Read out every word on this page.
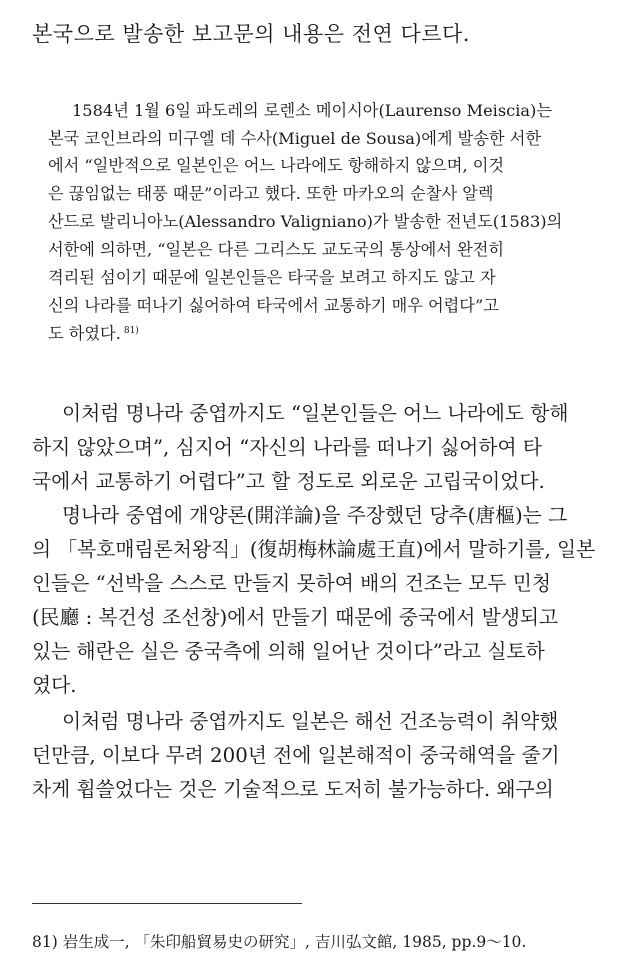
본국으로 발송한 보고문의 내용은 전연 다르다.

1584년 1월 6일 파도레의 로렌소 메이시아(Laurenso Meiscia)는

본국 코인브라의 미구엘 데 수사(Miguel de Sousa)에게 발송한 서한

에서 “일반적으로 일본인은 어느 나라에도 항해하지 않으며, 이것

은 끊임없는 태풍 때문”이라고 했다. 또한 마카오의 순찰사 알렉

산드로 발리니아노(Alessandro Valigniano)가 발송한 전년도(1583)의

서한에 의하면, “일본은 다른 그리스도 교도국의 통상에서 완전히

격리된 섬이기 때문에 일본인들은 타국을 보려고 하지도 않고 자

신의 나라를 떠나기 싫어하여 타국에서 교통하기 매우 어렵다”고

도 하였다. $^{81)}$

이처럼 명나라 중엽까지도 “일본인들은 어느 나라에도 항해

하지 않았으며”, 심지어 “자신의 나라를 떠나기 싫어하여 타

국에서 교통하기 어렵다”고 할 정도로 외로운 고립국이었다.

명나라 중엽에 개양론(開洋論)을 주장했던 당추(唐樞)는 그

의 「복호매림론처왕직」(復胡梅林論處王直)에서 말하기를, 일본

인들은 “선박을 스스로 만들지 못하여 배의 건조는 모두 민청

(民廳 : 복건성 조선창)에서 만들기 때문에 중국에서 발생되고

있는 해란은 실은 중국측에 의해 일어난 것이다”라고 실토하

였다.

이처럼 명나라 중엽까지도 일본은 해선 건조능력이 취약했

던만큼, 이보다 무려 200년 전에 일본해적이 중국해역을 줄기

차게 휩쓸었다는 것은 기술적으로 도저히 불가능하다. 왜구의

81) 岩生成一, 「朱印船貿易史の研究」, 吉川弘文館, 1985, pp.9～10.
